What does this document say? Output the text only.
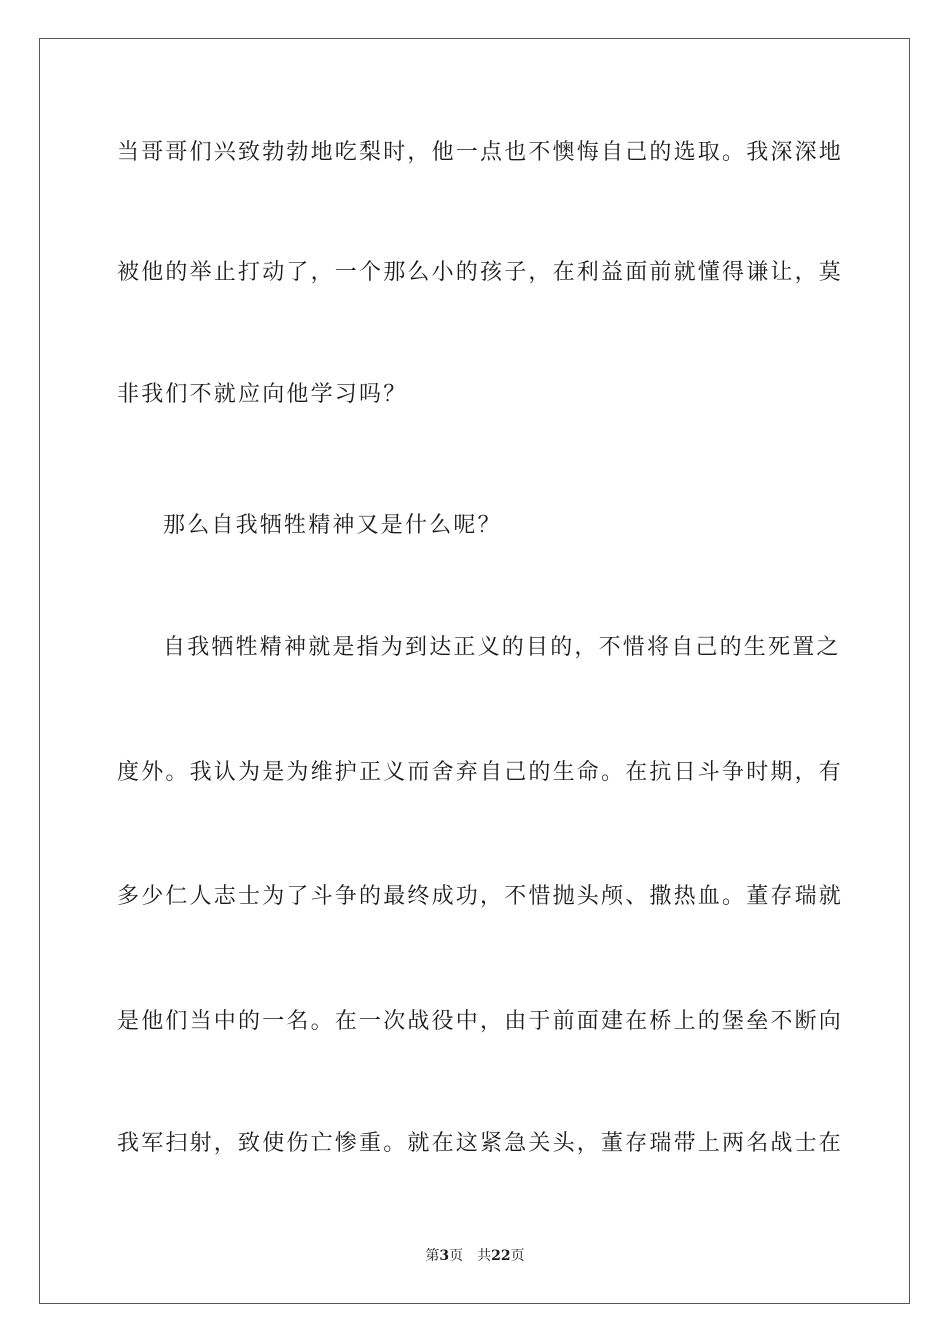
当哥哥们兴致勃勃地吃梨时，他一点也不懊悔自己的选取。我深深地
被他的举止打动了，一个那么小的孩子，在利益面前就懂得谦让，莫
非我们不就应向他学习吗？
那么自我牺牲精神又是什么呢？
自我牺牲精神就是指为到达正义的目的，不惜将自己的生死置之
度外。我认为是为维护正义而舍弃自己的生命。在抗日斗争时期，有
多少仁人志士为了斗争的最终成功，不惜抛头颅、撒热血。董存瑞就
是他们当中的一名。在一次战役中，由于前面建在桥上的堡垒不断向
我军扫射，致使伤亡惨重。就在这紧急关头，董存瑞带上两名战士在
第3页 共22页
